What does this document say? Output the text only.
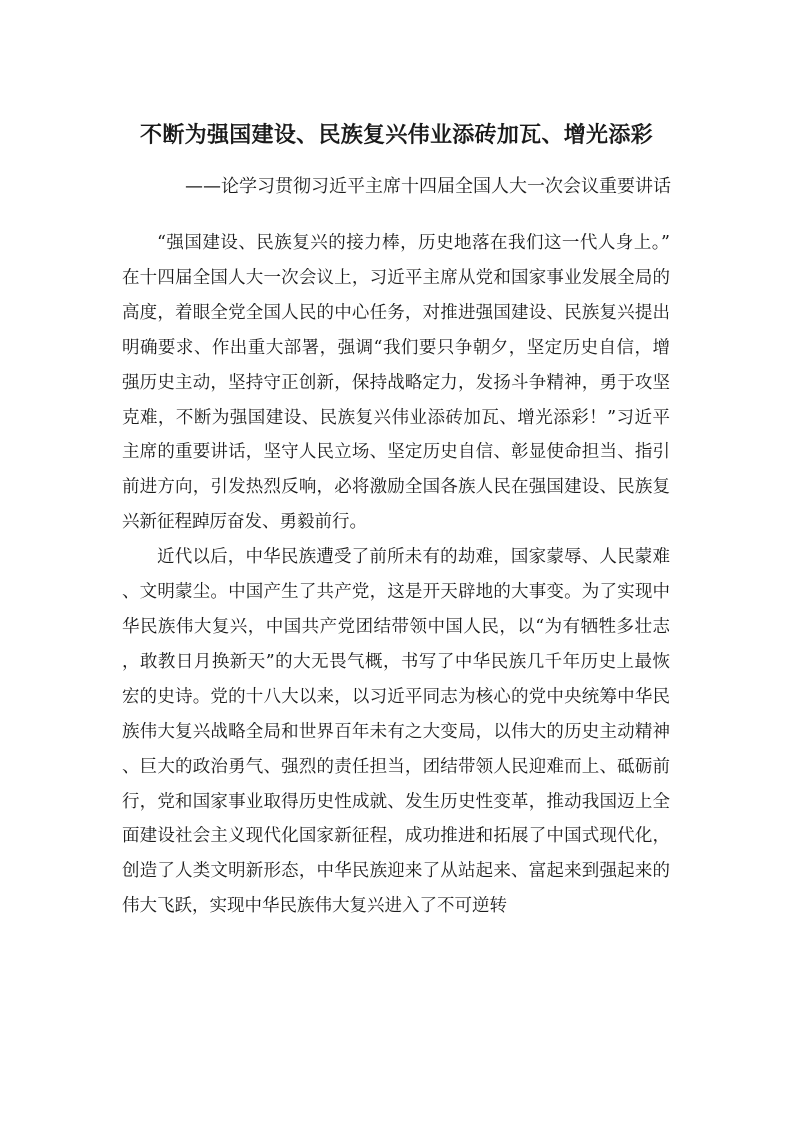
不断为强国建设、民族复兴伟业添砖加瓦、增光添彩
——论学习贯彻习近平主席十四届全国人大一次会议重要讲话

“强国建设、民族复兴的接力棒，历史地落在我们这一代人身上。”在十四届全国人大一次会议上，习近平主席从党和国家事业发展全局的高度，着眼全党全国人民的中心任务，对推进强国建设、民族复兴提出明确要求、作出重大部署，强调“我们要只争朝夕，坚定历史自信，增强历史主动，坚持守正创新，保持战略定力，发扬斗争精神，勇于攻坚克难，不断为强国建设、民族复兴伟业添砖加瓦、增光添彩！”习近平主席的重要讲话，坚守人民立场、坚定历史自信、彰显使命担当、指引前进方向，引发热烈反响，必将激励全国各族人民在强国建设、民族复兴新征程踔厉奋发、勇毅前行。

近代以后，中华民族遭受了前所未有的劫难，国家蒙辱、人民蒙难、文明蒙尘。中国产生了共产党，这是开天辟地的大事变。为了实现中华民族伟大复兴，中国共产党团结带领中国人民，以“为有牺牲多壮志，敢教日月换新天”的大无畏气概，书写了中华民族几千年历史上最恢宏的史诗。党的十八大以来，以习近平同志为核心的党中央统筹中华民族伟大复兴战略全局和世界百年未有之大变局，以伟大的历史主动精神、巨大的政治勇气、强烈的责任担当，团结带领人民迎难而上、砥砺前行，党和国家事业取得历史性成就、发生历史性变革，推动我国迈上全面建设社会主义现代化国家新征程，成功推进和拓展了中国式现代化，创造了人类文明新形态，中华民族迎来了从站起来、富起来到强起来的伟大飞跃，实现中华民族伟大复兴进入了不可逆转
